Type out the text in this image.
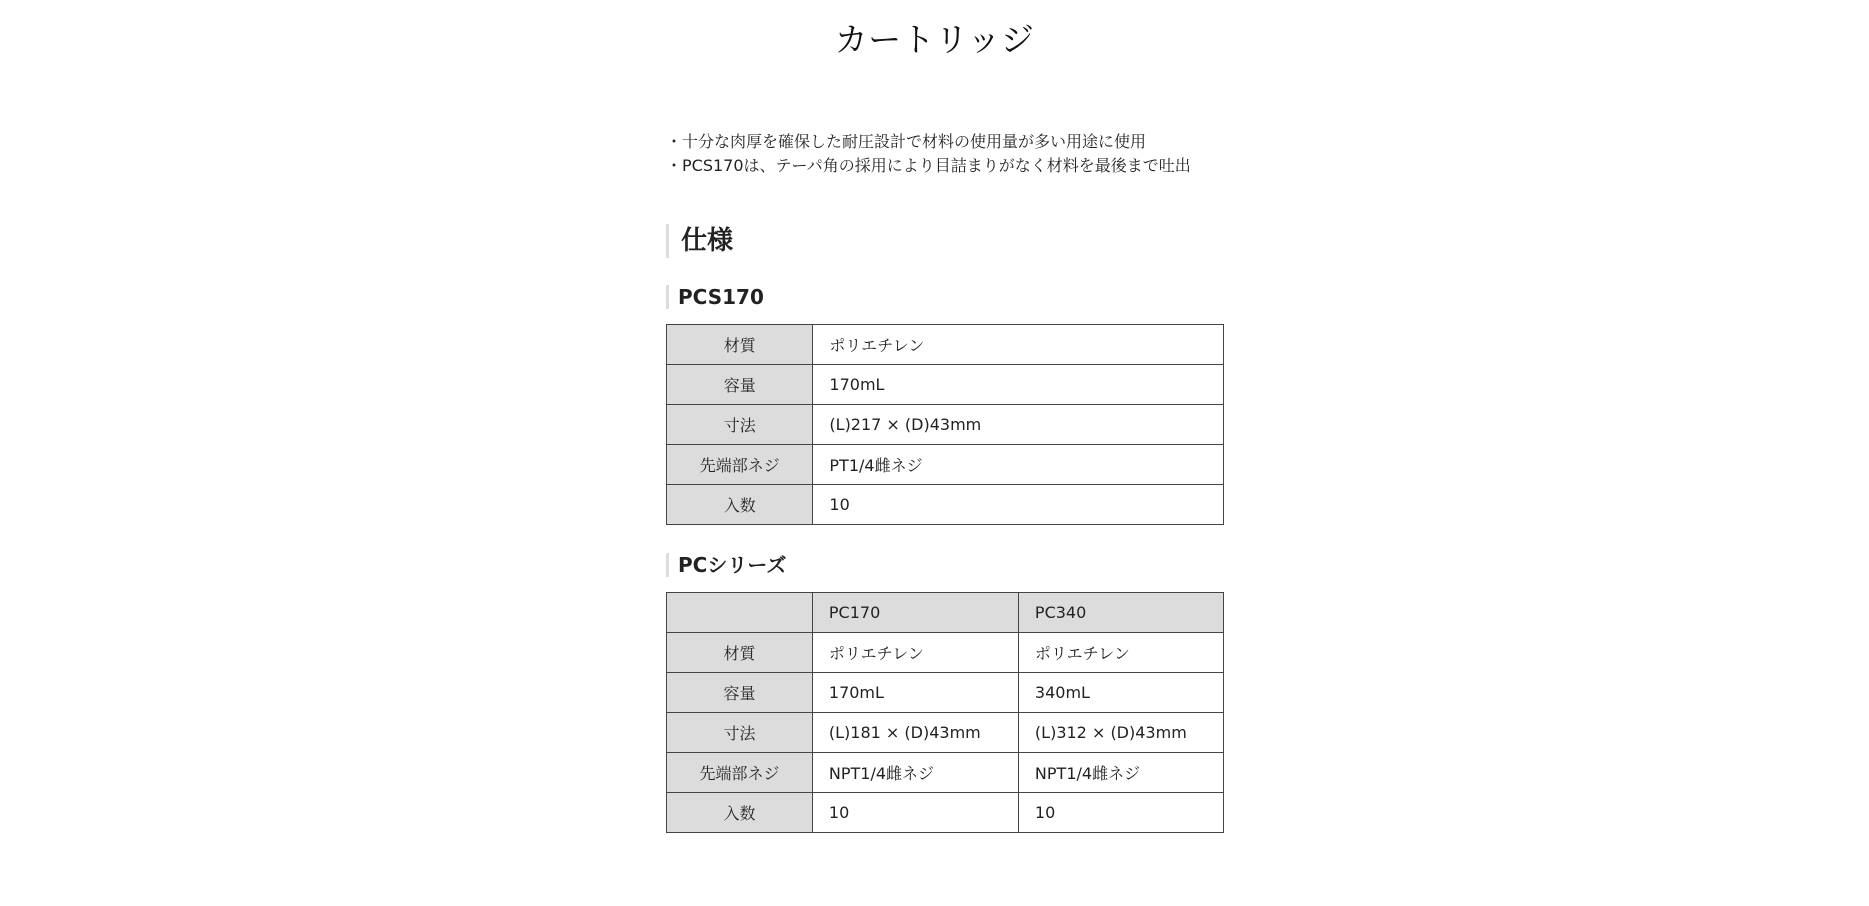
カートリッジ
・十分な肉厚を確保した耐圧設計で材料の使用量が多い用途に使用
・PCS170は、テーパ角の採用により目詰まりがなく材料を最後まで吐出
仕様
PCS170
材質	ポリエチレン
容量	170mL
寸法	(L)217 × (D)43mm
先端部ネジ	PT1/4雌ネジ
入数	10
PCシリーズ
	PC170	PC340
材質	ポリエチレン	ポリエチレン
容量	170mL	340mL
寸法	(L)181 × (D)43mm	(L)312 × (D)43mm
先端部ネジ	NPT1/4雌ネジ	NPT1/4雌ネジ
入数	10	10
